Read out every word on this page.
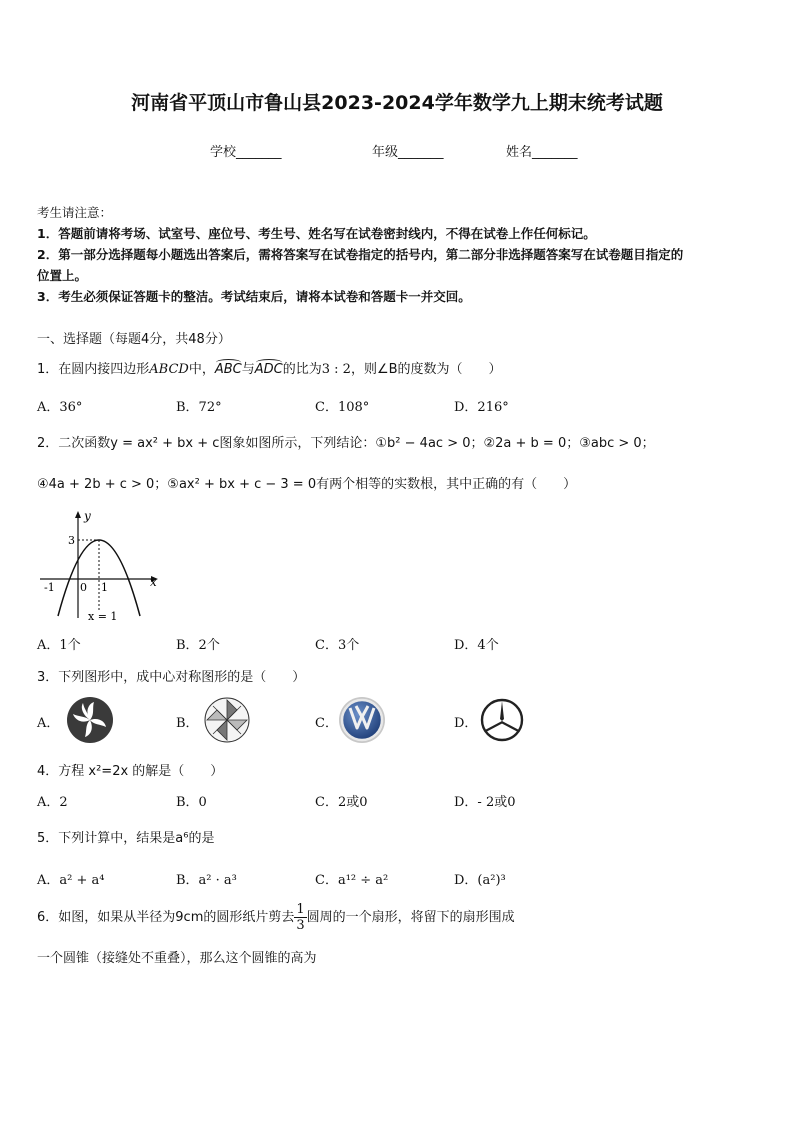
河南省平顶山市鲁山县2023-2024学年数学九上期末统考试题
学校_______	年级_______	姓名_______
考生请注意：
1．答题前请将考场、试室号、座位号、考生号、姓名写在试卷密封线内，不得在试卷上作任何标记。
2．第一部分选择题每小题选出答案后，需将答案写在试卷指定的括号内，第二部分非选择题答案写在试卷题目指定的
位置上。
3．考生必须保证答题卡的整洁。考试结束后，请将本试卷和答题卡一并交回。
一、选择题（每题4分，共48分）
1．在圆内接四边形ABCD中，ABC与ADC的比为3 : 2，则∠B的度数为（　　）
A．36°	B．72°	C．108°	D．216°
2．二次函数y = ax² + bx + c图象如图所示，下列结论：①b² − 4ac > 0；②2a + b = 0；③abc > 0；
④4a + 2b + c > 0；⑤ax² + bx + c − 3 = 0有两个相等的实数根，其中正确的有（　　）
y
x
3
-1 0 1
x = 1
A．1个	B．2个	C．3个	D．4个
3．下列图形中，成中心对称图形的是（　　）
A．	B．	C．	D．
4．方程 x²=2x 的解是（　　）
A．2	B．0	C．2或0	D．- 2或0
5．下列计算中，结果是a⁶的是
A．a² + a⁴	B．a² · a³	C．a¹² ÷ a²	D．(a²)³
6．如图，如果从半径为9cm的圆形纸片剪去 $\frac{1}{3}$ 圆周的一个扇形，将留下的扇形围成
一个圆锥（接缝处不重叠），那么这个圆锥的高为
